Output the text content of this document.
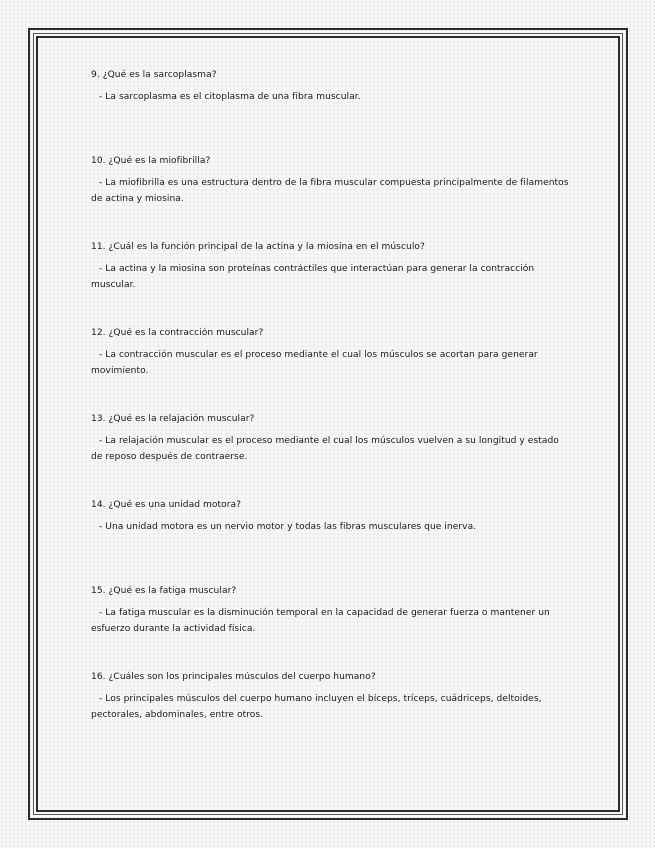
9. ¿Qué es la sarcoplasma?

- La sarcoplasma es el citoplasma de una fibra muscular.

10. ¿Qué es la miofibrilla?

- La miofibrilla es una estructura dentro de la fibra muscular compuesta principalmente de filamentos de actina y miosina.

11. ¿Cuál es la función principal de la actina y la miosina en el músculo?

- La actina y la miosina son proteínas contráctiles que interactúan para generar la contracción muscular.

12. ¿Qué es la contracción muscular?

- La contracción muscular es el proceso mediante el cual los músculos se acortan para generar movimiento.

13. ¿Qué es la relajación muscular?

- La relajación muscular es el proceso mediante el cual los músculos vuelven a su longitud y estado de reposo después de contraerse.

14. ¿Qué es una unidad motora?

- Una unidad motora es un nervio motor y todas las fibras musculares que inerva.

15. ¿Qué es la fatiga muscular?

- La fatiga muscular es la disminución temporal en la capacidad de generar fuerza o mantener un esfuerzo durante la actividad física.

16. ¿Cuáles son los principales músculos del cuerpo humano?

- Los principales músculos del cuerpo humano incluyen el bíceps, tríceps, cuádriceps, deltoides, pectorales, abdominales, entre otros.
